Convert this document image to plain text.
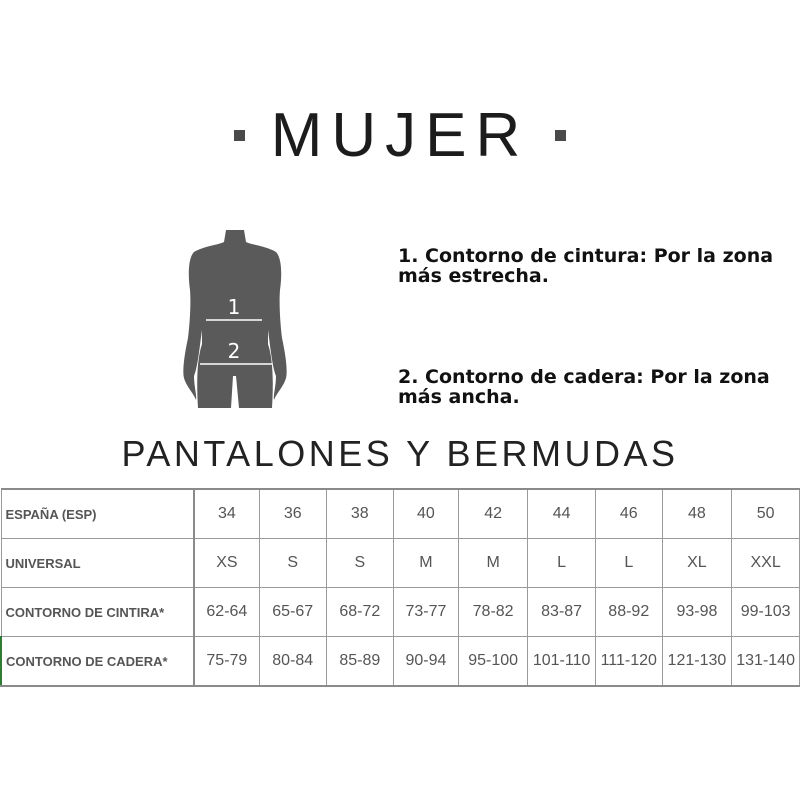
MUJER
1
2
1. Contorno de cintura: Por la zona más estrecha.
2. Contorno de cadera: Por la zona más ancha.
PANTALONES Y BERMUDAS
ESPAÑA (ESP)	34	36	38	40	42	44	46	48	50
UNIVERSAL	XS	S	S	M	M	L	L	XL	XXL
CONTORNO DE CINTIRA*	62-64	65-67	68-72	73-77	78-82	83-87	88-92	93-98	99-103
CONTORNO DE CADERA*	75-79	80-84	85-89	90-94	95-100	101-110	111-120	121-130	131-140
